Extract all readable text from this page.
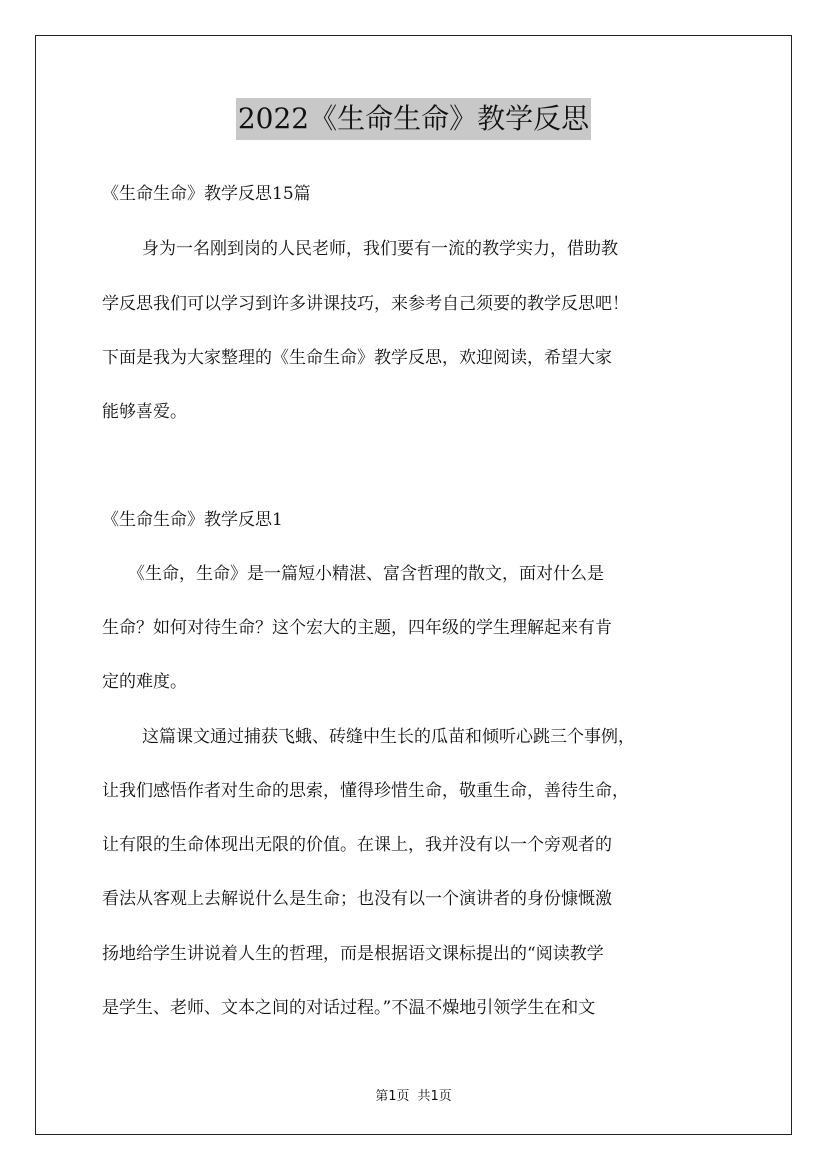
2022《生命生命》教学反思
《生命生命》教学反思15篇
身为一名刚到岗的人民老师，我们要有一流的教学实力，借助教
学反思我们可以学习到许多讲课技巧，来参考自己须要的教学反思吧！
下面是我为大家整理的《生命生命》教学反思，欢迎阅读，希望大家
能够喜爱。
《生命生命》教学反思1
《生命，生命》是一篇短小精湛、富含哲理的散文，面对什么是
生命？如何对待生命？这个宏大的主题，四年级的学生理解起来有肯
定的难度。
这篇课文通过捕获飞蛾、砖缝中生长的瓜苗和倾听心跳三个事例，
让我们感悟作者对生命的思索，懂得珍惜生命，敬重生命，善待生命，
让有限的生命体现出无限的价值。在课上，我并没有以一个旁观者的
看法从客观上去解说什么是生命；也没有以一个演讲者的身份慷慨激
扬地给学生讲说着人生的哲理，而是根据语文课标提出的“阅读教学
是学生、老师、文本之间的对话过程。”不温不燥地引领学生在和文
第1页 共1页
